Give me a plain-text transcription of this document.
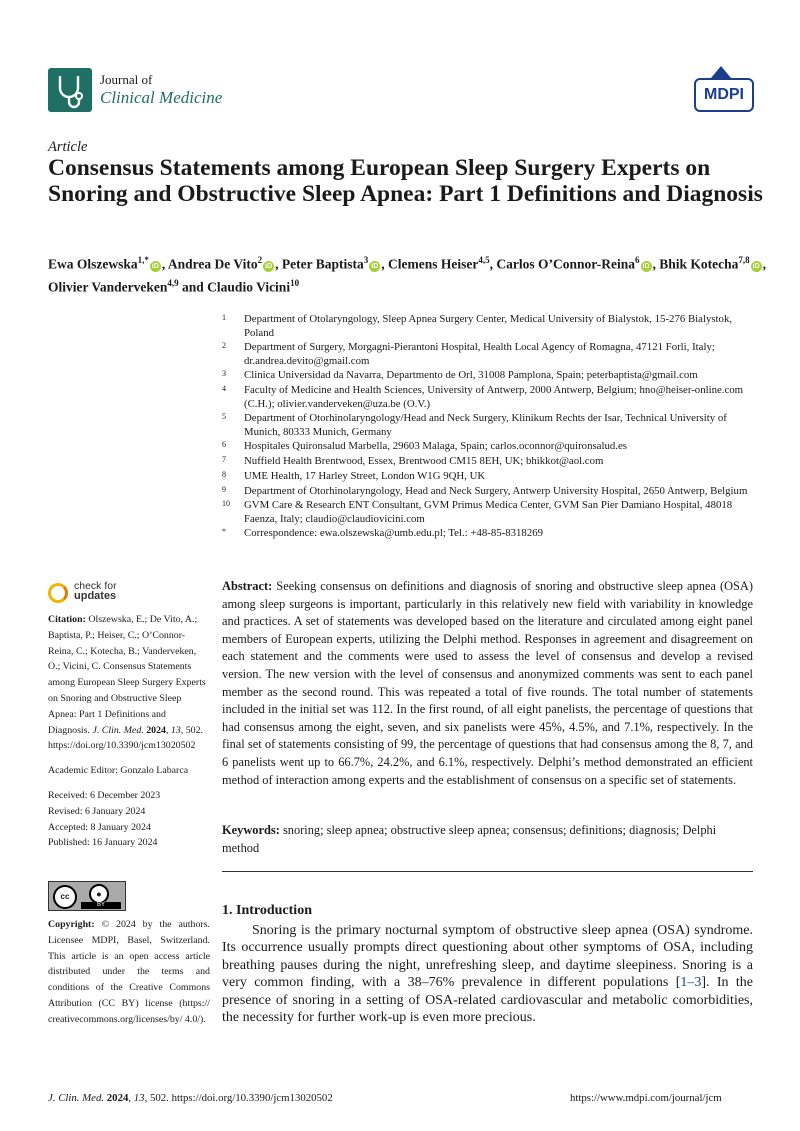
Journal of
Clinical Medicine	MDPI
Article
Consensus Statements among European Sleep Surgery Experts on Snoring and Obstructive Sleep Apnea: Part 1 Definitions and Diagnosis
Ewa Olszewska$^{1,*}$iD , Andrea De Vito$^2$iD , Peter Baptista$^3$iD , Clemens Heiser$^{4,5}$, Carlos O’Connor-Reina$^6$iD , Bhik Kotecha$^{7,8}$iD , Olivier Vanderveken$^{4,9}$ and Claudio Vicini$^{10}$
1 Department of Otolaryngology, Sleep Apnea Surgery Center, Medical University of Bialystok, 15-276 Bialystok, Poland
2 Department of Surgery, Morgagni-Pierantoni Hospital, Health Local Agency of Romagna, 47121 Forli, Italy; dr.andrea.devito@gmail.com
3 Clinica Universidad da Navarra, Departmento de Orl, 31008 Pamplona, Spain; peterbaptista@gmail.com
4 Faculty of Medicine and Health Sciences, University of Antwerp, 2000 Antwerp, Belgium; hno@heiser-online.com (C.H.); olivier.vanderveken@uza.be (O.V.)
5 Department of Otorhinolaryngology/Head and Neck Surgery, Klinikum Rechts der Isar, Technical University of Munich, 80333 Munich, Germany
6 Hospitales Quironsalud Marbella, 29603 Malaga, Spain; carlos.oconnor@quironsalud.es
7 Nuffield Health Brentwood, Essex, Brentwood CM15 8EH, UK; bhikkot@aol.com
8 UME Health, 17 Harley Street, London W1G 9QH, UK
9 Department of Otorhinolaryngology, Head and Neck Surgery, Antwerp University Hospital, 2650 Antwerp, Belgium
10 GVM Care & Research ENT Consultant, GVM Primus Medica Center, GVM San Pier Damiano Hospital, 48018 Faenza, Italy; claudio@claudiovicini.com
* Correspondence: ewa.olszewska@umb.edu.pl; Tel.: +48-85-8318269
check for
updates

Citation: Olszewska, E.; De Vito, A.; Baptista, P.; Heiser, C.; O’Connor-Reina, C.; Kotecha, B.; Vanderveken, O.; Vicini, C. Consensus Statements among European Sleep Surgery Experts on Snoring and Obstructive Sleep Apnea: Part 1 Definitions and Diagnosis. J. Clin. Med. 2024, 13, 502. https://doi.org/10.3390/jcm13020502

Academic Editor: Gonzalo Labarca

Received: 6 December 2023

Revised: 6 January 2024

Accepted: 8 January 2024

Published: 16 January 2024

cc	●
BY
Copyright: © 2024 by the authors. Licensee MDPI, Basel, Switzerland. This article is an open access article distributed under the terms and conditions of the Creative Commons Attribution (CC BY) license (https:// creativecommons.org/licenses/by/ 4.0/).
Abstract: Seeking consensus on definitions and diagnosis of snoring and obstructive sleep apnea (OSA) among sleep surgeons is important, particularly in this relatively new field with variability in knowledge and practices. A set of statements was developed based on the literature and circulated among eight panel members of European experts, utilizing the Delphi method. Responses in agreement and disagreement on each statement and the comments were used to assess the level of consensus and develop a revised version. The new version with the level of consensus and anonymized comments was sent to each panel member as the second round. This was repeated a total of five rounds. The total number of statements included in the initial set was 112. In the first round, of all eight panelists, the percentage of questions that had consensus among the eight, seven, and six panelists were 45%, 4.5%, and 7.1%, respectively. In the final set of statements consisting of 99, the percentage of questions that had consensus among the 8, 7, and 6 panelists went up to 66.7%, 24.2%, and 6.1%, respectively. Delphi’s method demonstrated an efficient method of interaction among experts and the establishment of consensus on a specific set of statements.
Keywords: snoring; sleep apnea; obstructive sleep apnea; consensus; definitions; diagnosis; Delphi method
1. Introduction
Snoring is the primary nocturnal symptom of obstructive sleep apnea (OSA) syndrome. Its occurrence usually prompts direct questioning about other symptoms of OSA, including breathing pauses during the night, unrefreshing sleep, and daytime sleepiness. Snoring is a very common finding, with a 38–76% prevalence in different populations [1–3]. In the presence of snoring in a setting of OSA-related cardiovascular and metabolic comorbidities, the necessity for further work-up is even more precious.
J. Clin. Med. 2024, 13, 502. https://doi.org/10.3390/jcm13020502	https://www.mdpi.com/journal/jcm
